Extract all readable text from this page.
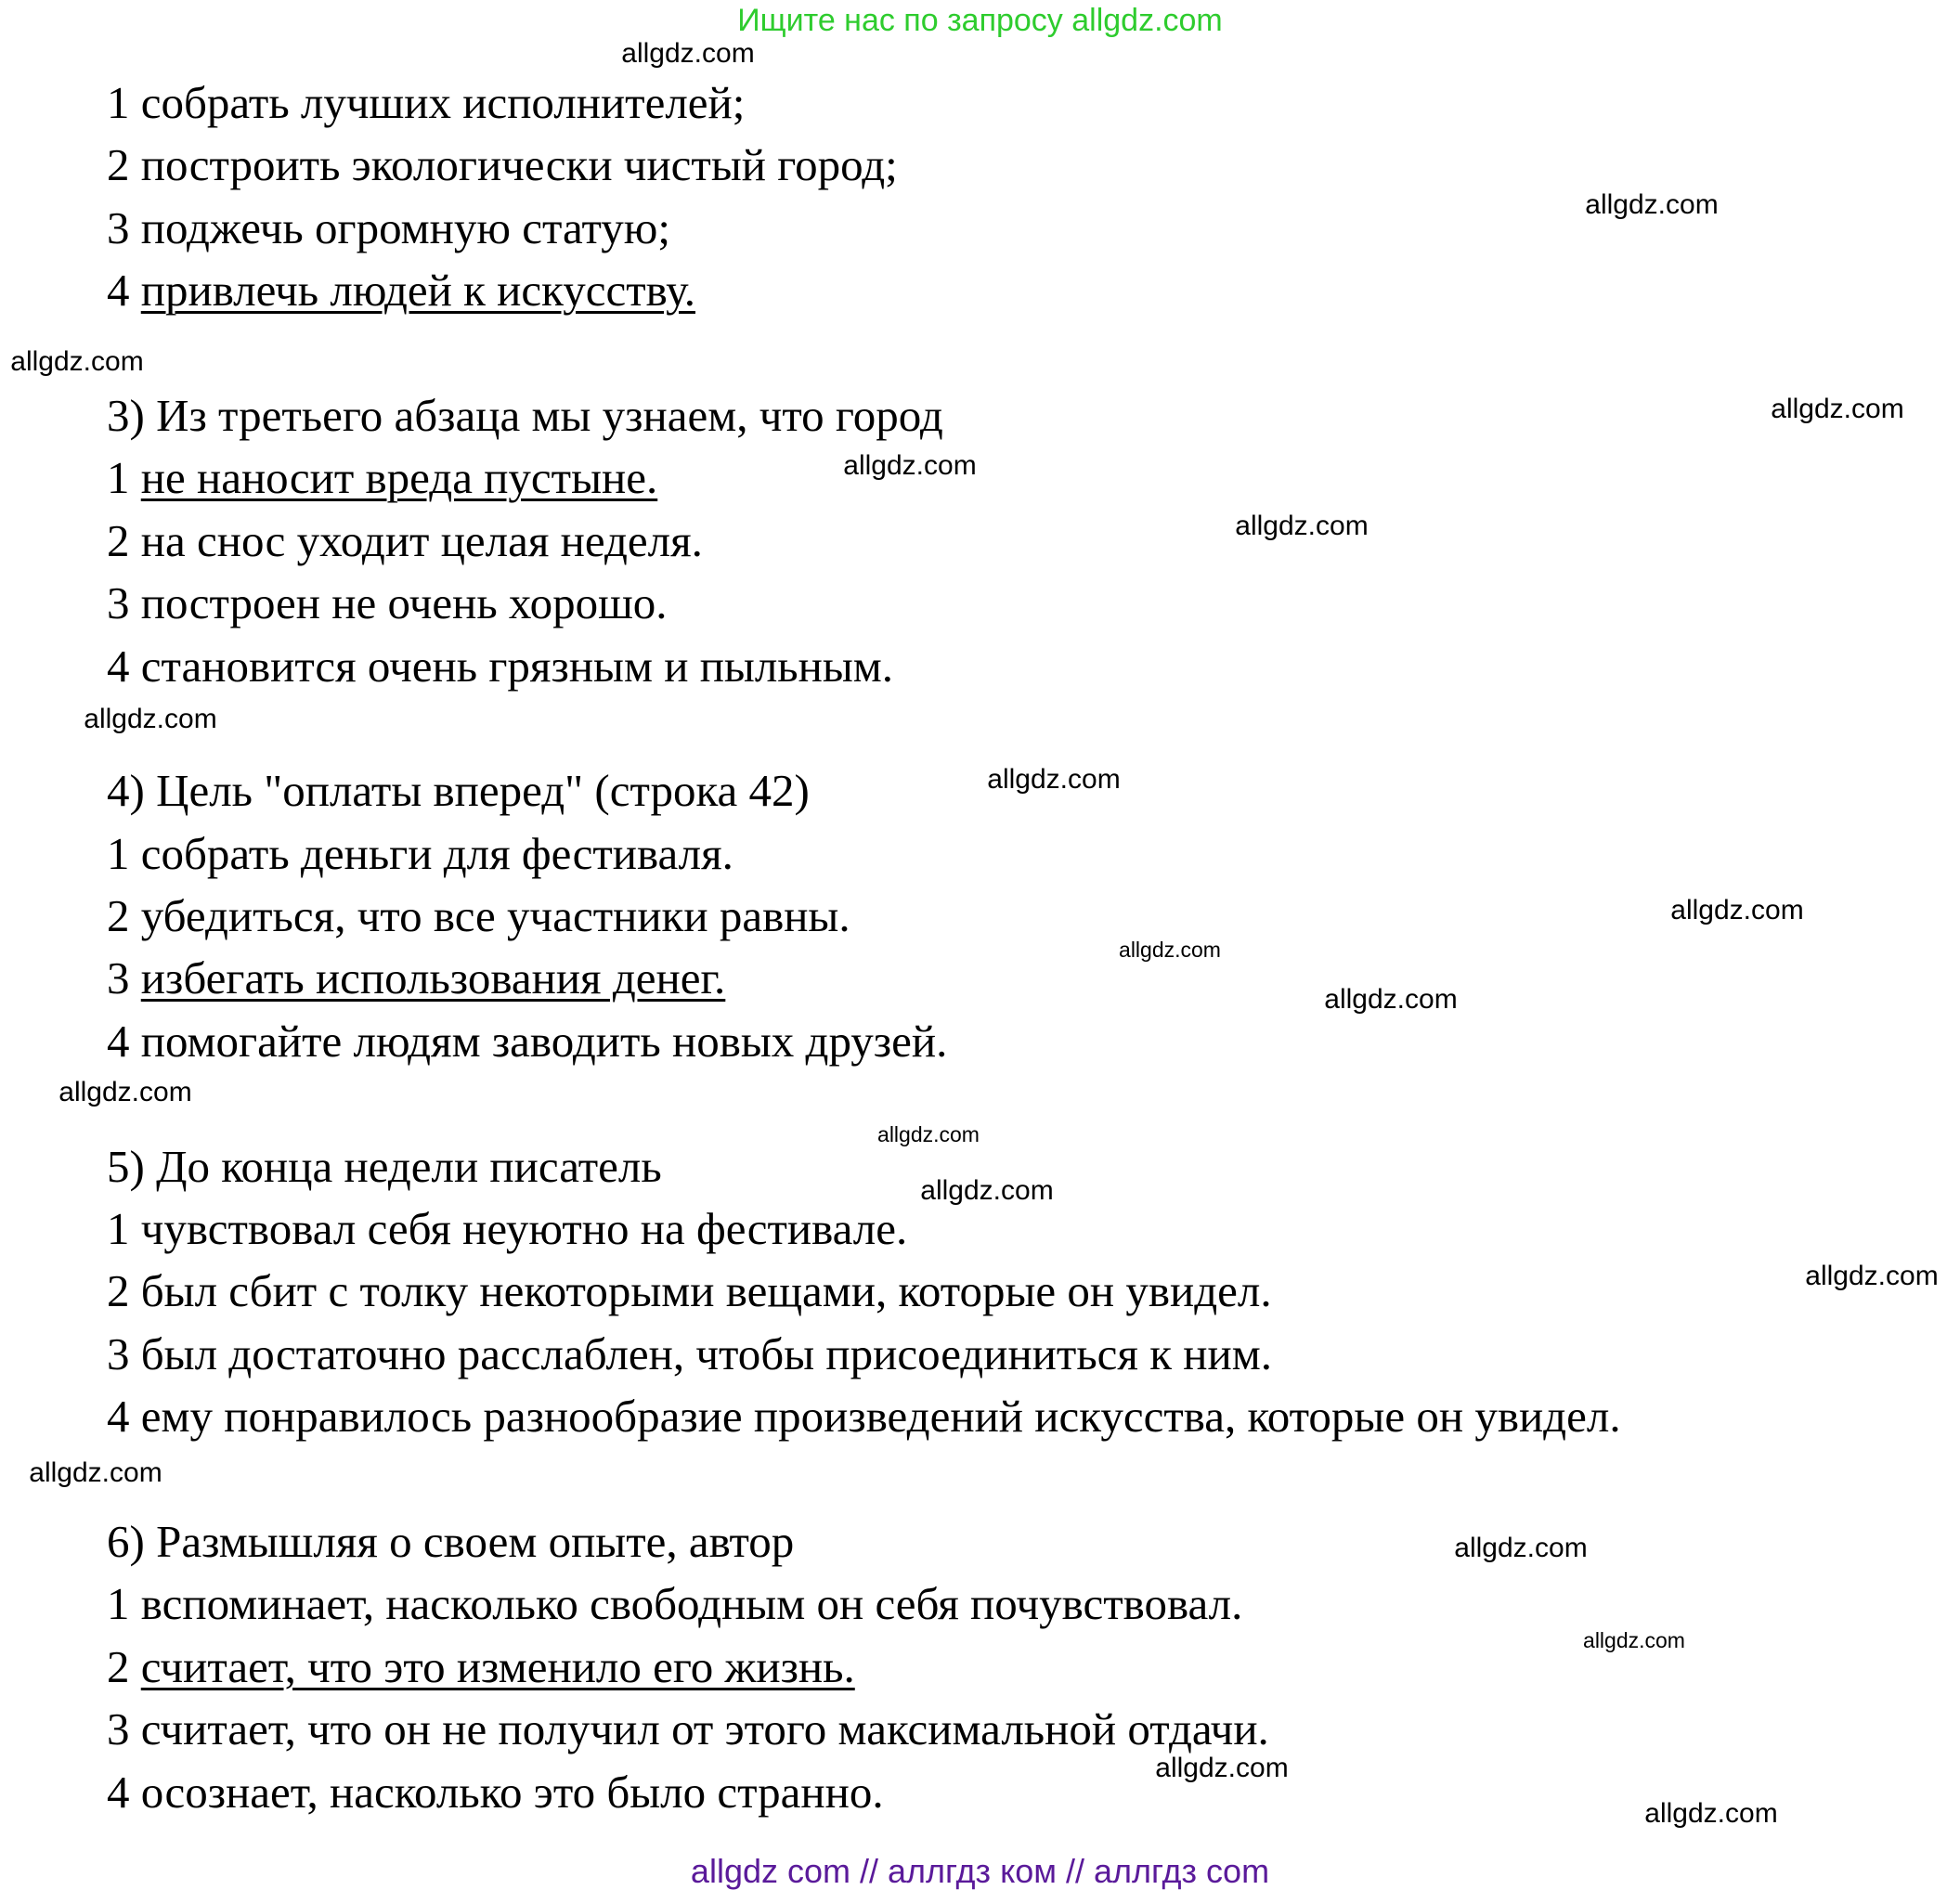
Ищите нас по запросу allgdz.com
1 собрать лучших исполнителей;
2 построить экологически чистый город;
3 поджечь огромную статую;
4 привлечь людей к искусству.
3) Из третьего абзаца мы узнаем, что город
1 не наносит вреда пустыне.
2 на снос уходит целая неделя.
3 построен не очень хорошо.
4 становится очень грязным и пыльным.
4) Цель "оплаты вперед" (строка 42)
1 собрать деньги для фестиваля.
2 убедиться, что все участники равны.
3 избегать использования денег.
4 помогайте людям заводить новых друзей.
5) До конца недели писатель
1 чувствовал себя неуютно на фестивале.
2 был сбит с толку некоторыми вещами, которые он увидел.
3 был достаточно расслаблен, чтобы присоединиться к ним.
4 ему понравилось разнообразие произведений искусства, которые он увидел.
6) Размышляя о своем опыте, автор
1 вспоминает, насколько свободным он себя почувствовал.
2 считает, что это изменило его жизнь.
3 считает, что он не получил от этого максимальной отдачи.
4 осознает, насколько это было странно.
allgdz com // аллгдз ком // аллгдз com
allgdz.com
allgdz.com
allgdz.com
allgdz.com
allgdz.com
allgdz.com
allgdz.com
allgdz.com
allgdz.com
allgdz.com
allgdz.com
allgdz.com
allgdz.com
allgdz.com
allgdz.com
allgdz.com
allgdz.com
allgdz.com
allgdz.com
allgdz.com
